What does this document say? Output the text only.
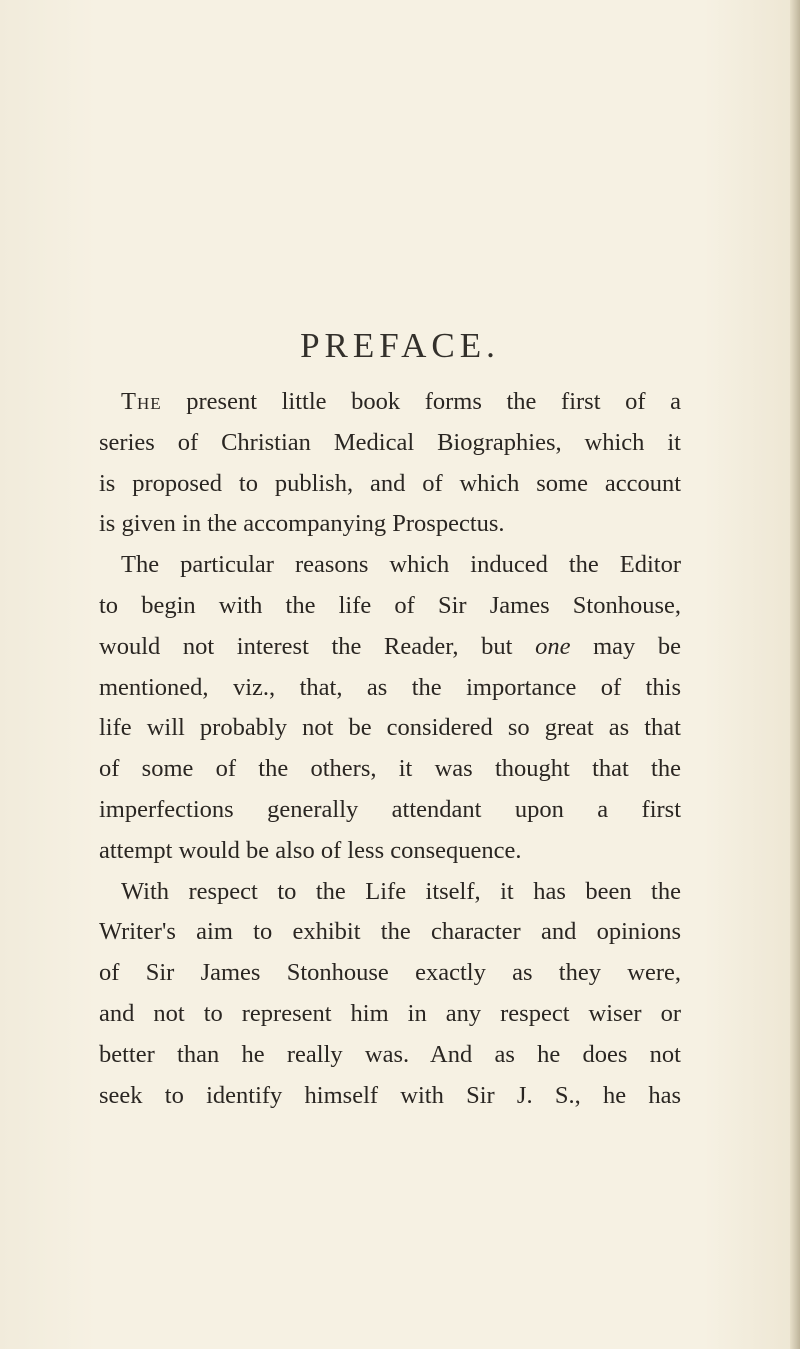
PREFACE.
The present little book forms the first of a
series of Christian Medical Biographies, which it
is proposed to publish, and of which some account
is given in the accompanying Prospectus.
The particular reasons which induced the Editor
to begin with the life of Sir James Stonhouse,
would not interest the Reader, but one may be
mentioned, viz., that, as the importance of this
life will probably not be considered so great as that
of some of the others, it was thought that the
imperfections generally attendant upon a first
attempt would be also of less consequence.
With respect to the Life itself, it has been the
Writer's aim to exhibit the character and opinions
of Sir James Stonhouse exactly as they were,
and not to represent him in any respect wiser or
better than he really was. And as he does not
seek to identify himself with Sir J. S., he has
